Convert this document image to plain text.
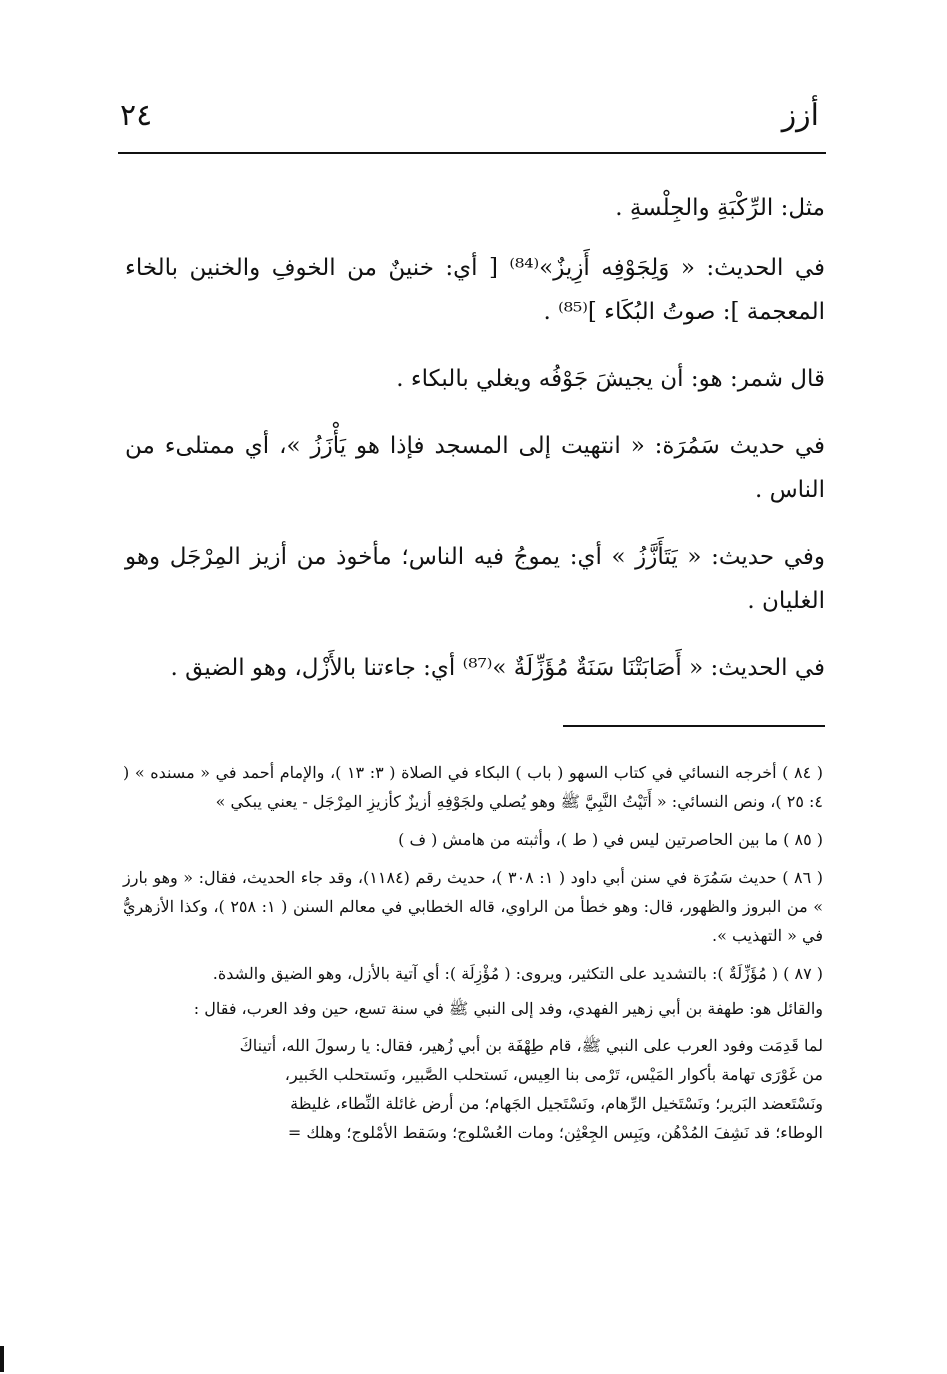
أزز
٢٤

مثل: الرِّكْبَةِ والجِلْسةِ .

في الحديث: « وَلِجَوْفِه أَزِيزٌ»⁽⁸⁴⁾ [ أي: خنينٌ من الخوفِ والخنين بالخاء المعجمة ]: صوتُ البُكَاء ]⁽⁸⁵⁾ .

قال شمر: هو: أن يجيشَ جَوْفُه ويغلي بالبكاء .

في حديث سَمُرَة: « انتهيت إلى المسجد فإذا هو يَأْزَزُ »، أي ممتلىء من الناس .

وفي حديث: « يَتَأَزَّزُ » أي: يموجُ فيه الناس؛ مأخوذ من أزيز المِرْجَل وهو الغليان .

في الحديث: « أَصَابَتْنَا سَنَةٌ مُؤَزِّلَةٌ »⁽⁸⁷⁾ أي: جاءتنا بالأَزْل، وهو الضيق .

( ٨٤ ) أخرجه النسائي في كتاب السهو ( باب ) البكاء في الصلاة ( ٣: ١٣ )، والإمام أحمد في « مسنده » ( ٤: ٢٥ )، ونص النسائي: « أَتَيْتُ النَّبِيَّ ﷺ وهو يُصلي ولجَوْفِهِ أزيزٌ كأزيزِ المِرْجَل - يعني يبكي »

( ٨٥ ) ما بين الحاصرتين ليس في ( ط )، وأثبته من هامش ( ف )

( ٨٦ ) حديث سَمُرَة في سنن أبي داود ( ١: ٣٠٨ )، حديث رقم (١١٨٤)، وقد جاء الحديث، فقال: « وهو بارز » من البروز والظهور، قال: وهو خطأ من الراوي، قاله الخطابي في معالم السنن ( ١: ٢٥٨ )، وكذا الأزهريُّ في « التهذيب ».

( ٨٧ ) ( مُؤَزِّلَةٌ ): بالتشديد على التكثير، ويروى: ( مُؤْزِلَة ): أي آتية بالأزل، وهو الضيق والشدة.

والقائل هو: طهفة بن أبي زهير الفهدي، وفد إلى النبي ﷺ في سنة تسع، حين وفد العرب، فقال :

لما قَدِمَت وفود العرب على النبي ﷺ، قام طِهْفَة بن أبي زُهير، فقال: يا رسولَ الله، أتيناكَ

من غَوْرَى تهامة بأكوار المَيْس، تَرْمى بنا العِيس، نَستحلب الصَّبير، ونَستحلب الخَبير،

ونَسْتَعضد البَرير؛ ونَسْتَخيل الرِّهام، ونَسْتَجيل الجَهام؛ من أرض غائلة النِّطاء، غليظة

الوطاء؛ قد نَشِفَ المُدْهُن، ويَبِس الجِعْثِن؛ ومات العُسْلوج؛ وسَقط الأمْلوج؛ وهلك =
